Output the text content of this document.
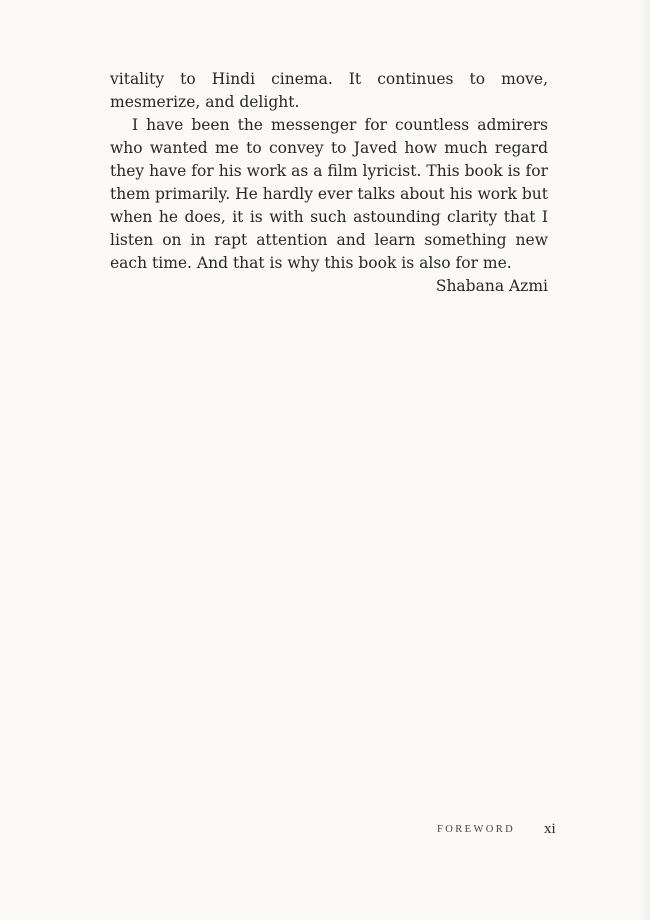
vitality to Hindi cinema. It continues to move, mesmerize, and delight.

I have been the messenger for countless admirers who wanted me to convey to Javed how much regard they have for his work as a film lyricist. This book is for them primarily. He hardly ever talks about his work but when he does, it is with such astounding clarity that I listen on in rapt attention and learn something new each time. And that is why this book is also for me.

Shabana Azmi

FOREWORD xi
